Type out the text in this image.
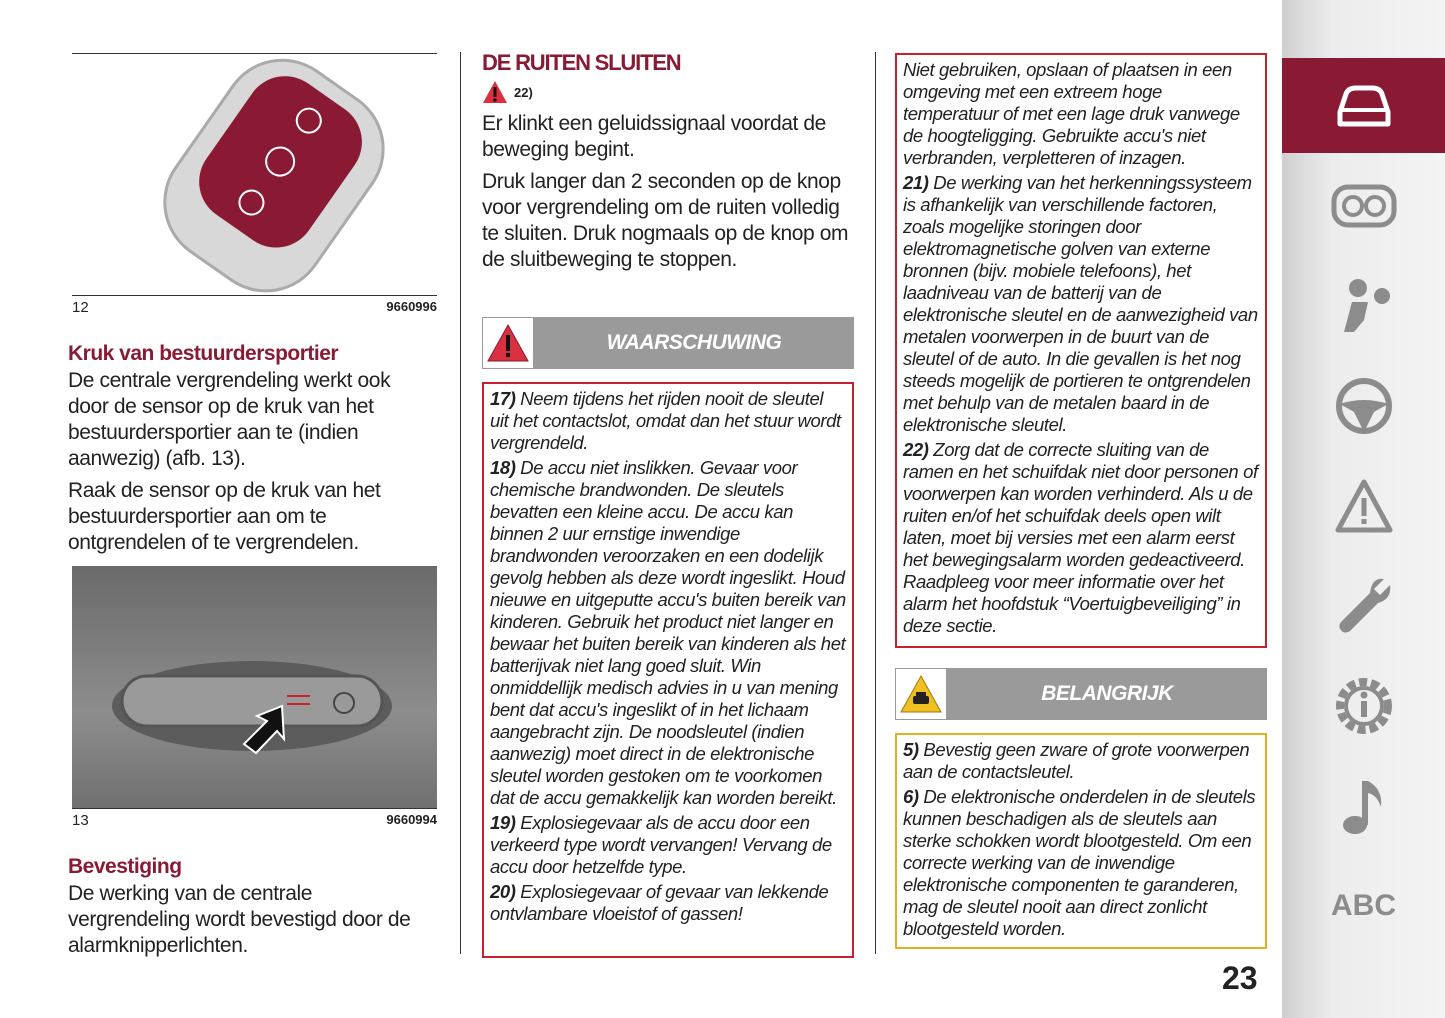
12	9660996
Kruk van bestuurdersportier

De centrale vergrendeling werkt ook door de sensor op de kruk van het bestuurdersportier aan te (indien aanwezig) (afb. 13).

Raak de sensor op de kruk van het bestuurdersportier aan om te ontgrendelen of te vergrendelen.

13	9660994
Bevestiging

De werking van de centrale vergrendeling wordt bevestigd door de alarmknipperlichten.

DE RUITEN SLUITEN
22)

Er klinkt een geluidssignaal voordat de beweging begint.

Druk langer dan 2 seconden op de knop voor vergrendeling om de ruiten volledig te sluiten. Druk nogmaals op de knop om de sluitbeweging te stoppen.

WAARSCHUWING

17) Neem tijdens het rijden nooit de sleutel uit het contactslot, omdat dan het stuur wordt vergrendeld.

18) De accu niet inslikken. Gevaar voor chemische brandwonden. De sleutels bevatten een kleine accu. De accu kan binnen 2 uur ernstige inwendige brandwonden veroorzaken en een dodelijk gevolg hebben als deze wordt ingeslikt. Houd nieuwe en uitgeputte accu's buiten bereik van kinderen. Gebruik het product niet langer en bewaar het buiten bereik van kinderen als het batterijvak niet lang goed sluit. Win onmiddellijk medisch advies in u van mening bent dat accu's ingeslikt of in het lichaam aangebracht zijn. De noodsleutel (indien aanwezig) moet direct in de elektronische sleutel worden gestoken om te voorkomen dat de accu gemakkelijk kan worden bereikt.

19) Explosiegevaar als de accu door een verkeerd type wordt vervangen! Vervang de accu door hetzelfde type.

20) Explosiegevaar of gevaar van lekkende ontvlambare vloeistof of gassen!

Niet gebruiken, opslaan of plaatsen in een omgeving met een extreem hoge temperatuur of met een lage druk vanwege de hoogteligging. Gebruikte accu's niet verbranden, verpletteren of inzagen.

21) De werking van het herkenningssysteem is afhankelijk van verschillende factoren, zoals mogelijke storingen door elektromagnetische golven van externe bronnen (bijv. mobiele telefoons), het laadniveau van de batterij van de elektronische sleutel en de aanwezigheid van metalen voorwerpen in de buurt van de sleutel of de auto. In die gevallen is het nog steeds mogelijk de portieren te ontgrendelen met behulp van de metalen baard in de elektronische sleutel.

22) Zorg dat de correcte sluiting van de ramen en het schuifdak niet door personen of voorwerpen kan worden verhinderd. Als u de ruiten en/of het schuifdak deels open wilt laten, moet bij versies met een alarm eerst het bewegingsalarm worden gedeactiveerd. Raadpleeg voor meer informatie over het alarm het hoofdstuk “Voertuigbeveiliging” in deze sectie.

BELANGRIJK

5) Bevestig geen zware of grote voorwerpen aan de contactsleutel.

6) De elektronische onderdelen in de sleutels kunnen beschadigen als de sleutels aan sterke schokken wordt blootgesteld. Om een correcte werking van de inwendige elektronische componenten te garanderen, mag de sleutel nooit aan direct zonlicht blootgesteld worden.

23
ABC
